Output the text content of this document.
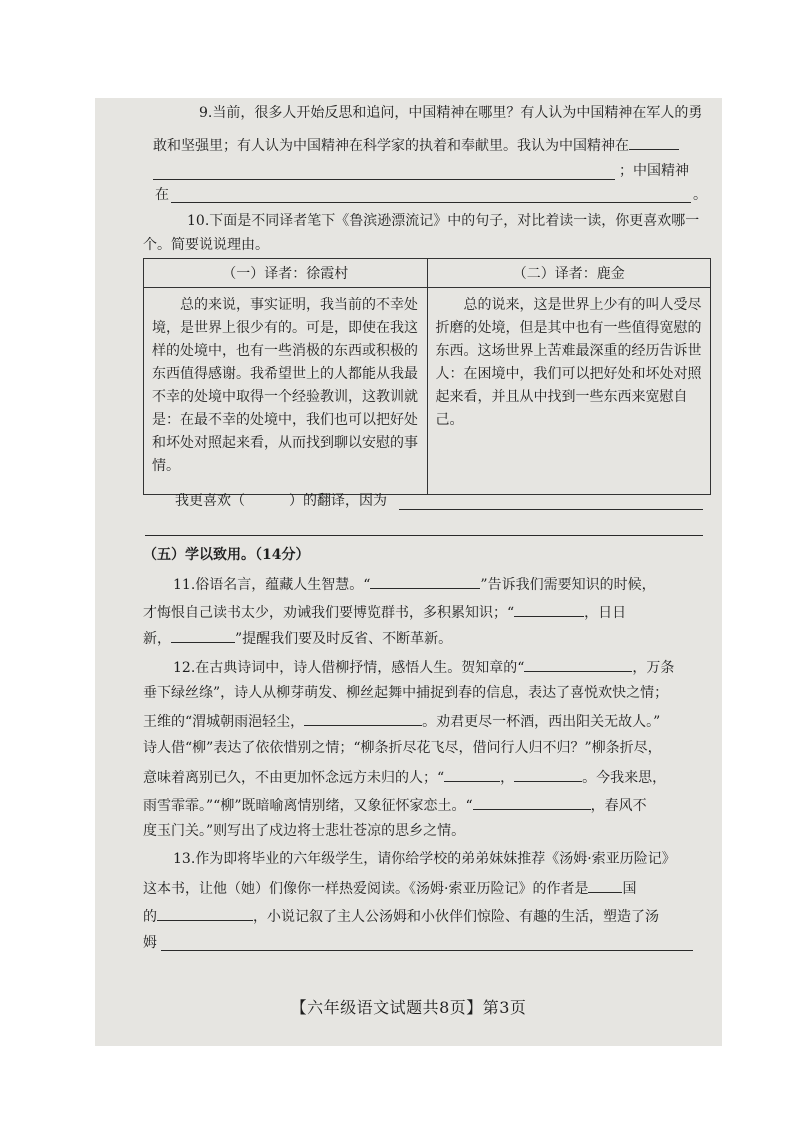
9.当前，很多人开始反思和追问，中国精神在哪里？有人认为中国精神在军人的勇
敢和坚强里；有人认为中国精神在科学家的执着和奉献里。我认为中国精神在
；中国精神
在	。
10.下面是不同译者笔下《鲁滨逊漂流记》中的句子，对比着读一读，你更喜欢哪一
个。简要说说理由。
（一）译者：徐霞村	（二）译者：鹿金

总的来说，事实证明，我当前的不幸处境，是世界上很少有的。可是，即使在我这样的处境中，也有一些消极的东西或积极的东西值得感谢。我希望世上的人都能从我最不幸的处境中取得一个经验教训，这教训就是：在最不幸的处境中，我们也可以把好处和坏处对照起来看，从而找到聊以安慰的事情。	总的说来，这是世界上少有的叫人受尽折磨的处境，但是其中也有一些值得宽慰的东西。这场世界上苦难最深重的经历告诉世人：在困境中，我们可以把好处和坏处对照起来看，并且从中找到一些东西来宽慰自己。
我更喜欢（	）的翻译，因为
（五）学以致用。（14分）
11.俗语名言，蕴藏人生智慧。“	”告诉我们需要知识的时候，
才悔恨自己读书太少，劝诫我们要博览群书，多积累知识；“	，日日
新，	”提醒我们要及时反省、不断革新。
12.在古典诗词中，诗人借柳抒情，感悟人生。贺知章的“	，万条
垂下绿丝绦”，诗人从柳芽萌发、柳丝起舞中捕捉到春的信息，表达了喜悦欢快之情；
王维的“渭城朝雨浥轻尘，	。劝君更尽一杯酒，西出阳关无故人。”
诗人借“柳”表达了依依惜别之情；“柳条折尽花飞尽，借问行人归不归？”柳条折尽，
意味着离别已久，不由更加怀念远方未归的人；“	，	。今我来思，
雨雪霏霏。”“柳”既暗喻离情别绪，又象征怀家恋土。“	，春风不
度玉门关。”则写出了戍边将士悲壮苍凉的思乡之情。
13.作为即将毕业的六年级学生，请你给学校的弟弟妹妹推荐《汤姆·索亚历险记》
这本书，让他（她）们像你一样热爱阅读。《汤姆·索亚历险记》的作者是 国
的	，小说记叙了主人公汤姆和小伙伴们惊险、有趣的生活，塑造了汤
姆
【六年级语文试题共8页】第3页
